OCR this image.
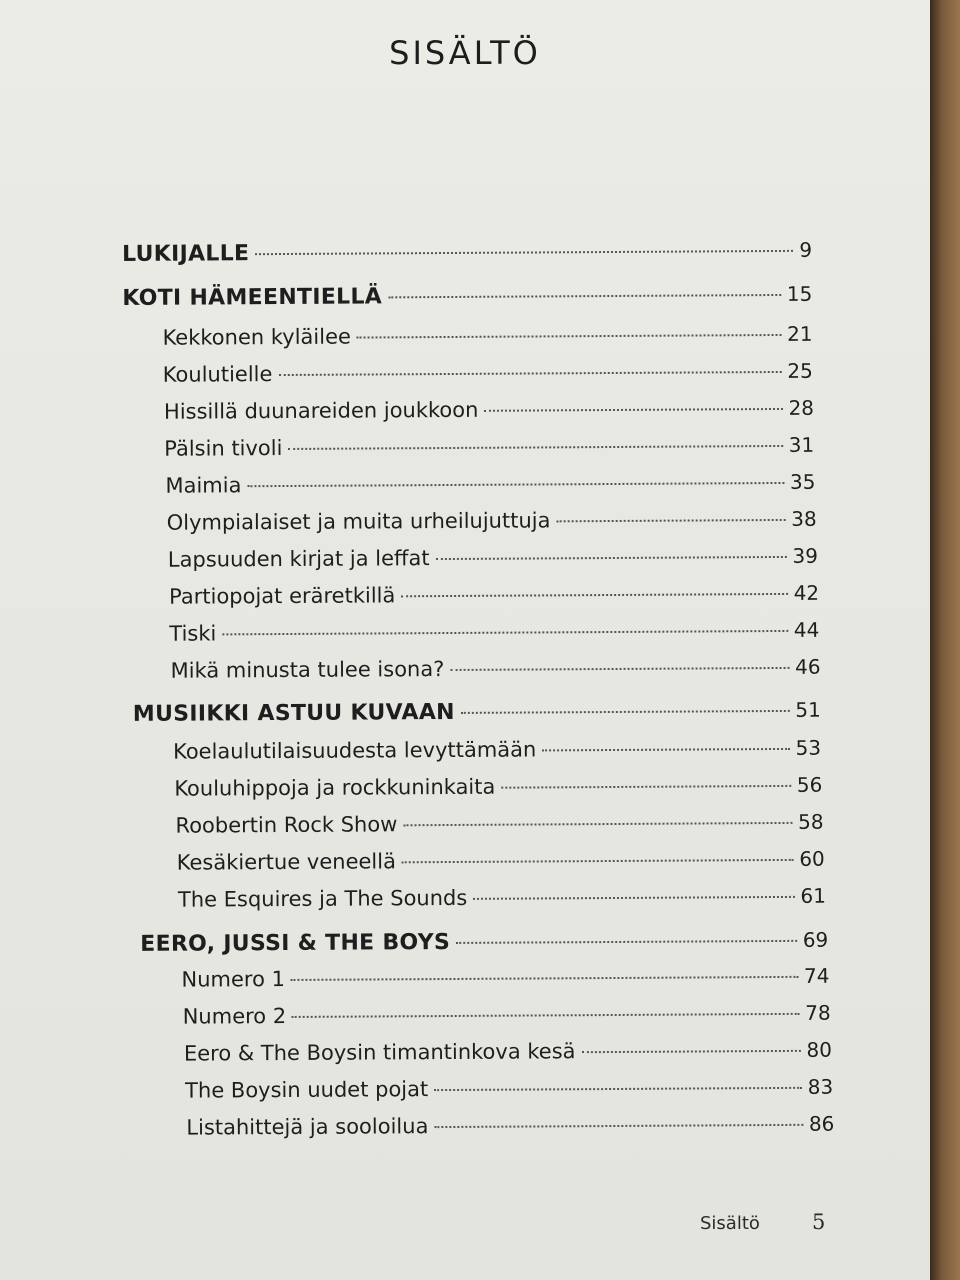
SISÄLTÖ
LUKIJALLE	9
KOTI HÄMEENTIELLÄ	15
Kekkonen kyläilee	21
Koulutielle	25
Hissillä duunareiden joukkoon	28
Pälsin tivoli	31
Maimia	35
Olympialaiset ja muita urheilujuttuja	38
Lapsuuden kirjat ja leffat	39
Partiopojat eräretkillä	42
Tiski	44
Mikä minusta tulee isona?	46
MUSIIKKI ASTUU KUVAAN	51
Koelaulutilaisuudesta levyttämään	53
Kouluhippoja ja rockkuninkaita	56
Roobertin Rock Show	58
Kesäkiertue veneellä	60
The Esquires ja The Sounds	61
EERO, JUSSI & THE BOYS	69
Numero 1	74
Numero 2	78
Eero & The Boysin timantinkova kesä	80
The Boysin uudet pojat	83
Listahittejä ja sooloilua	86
Sisältö 5
